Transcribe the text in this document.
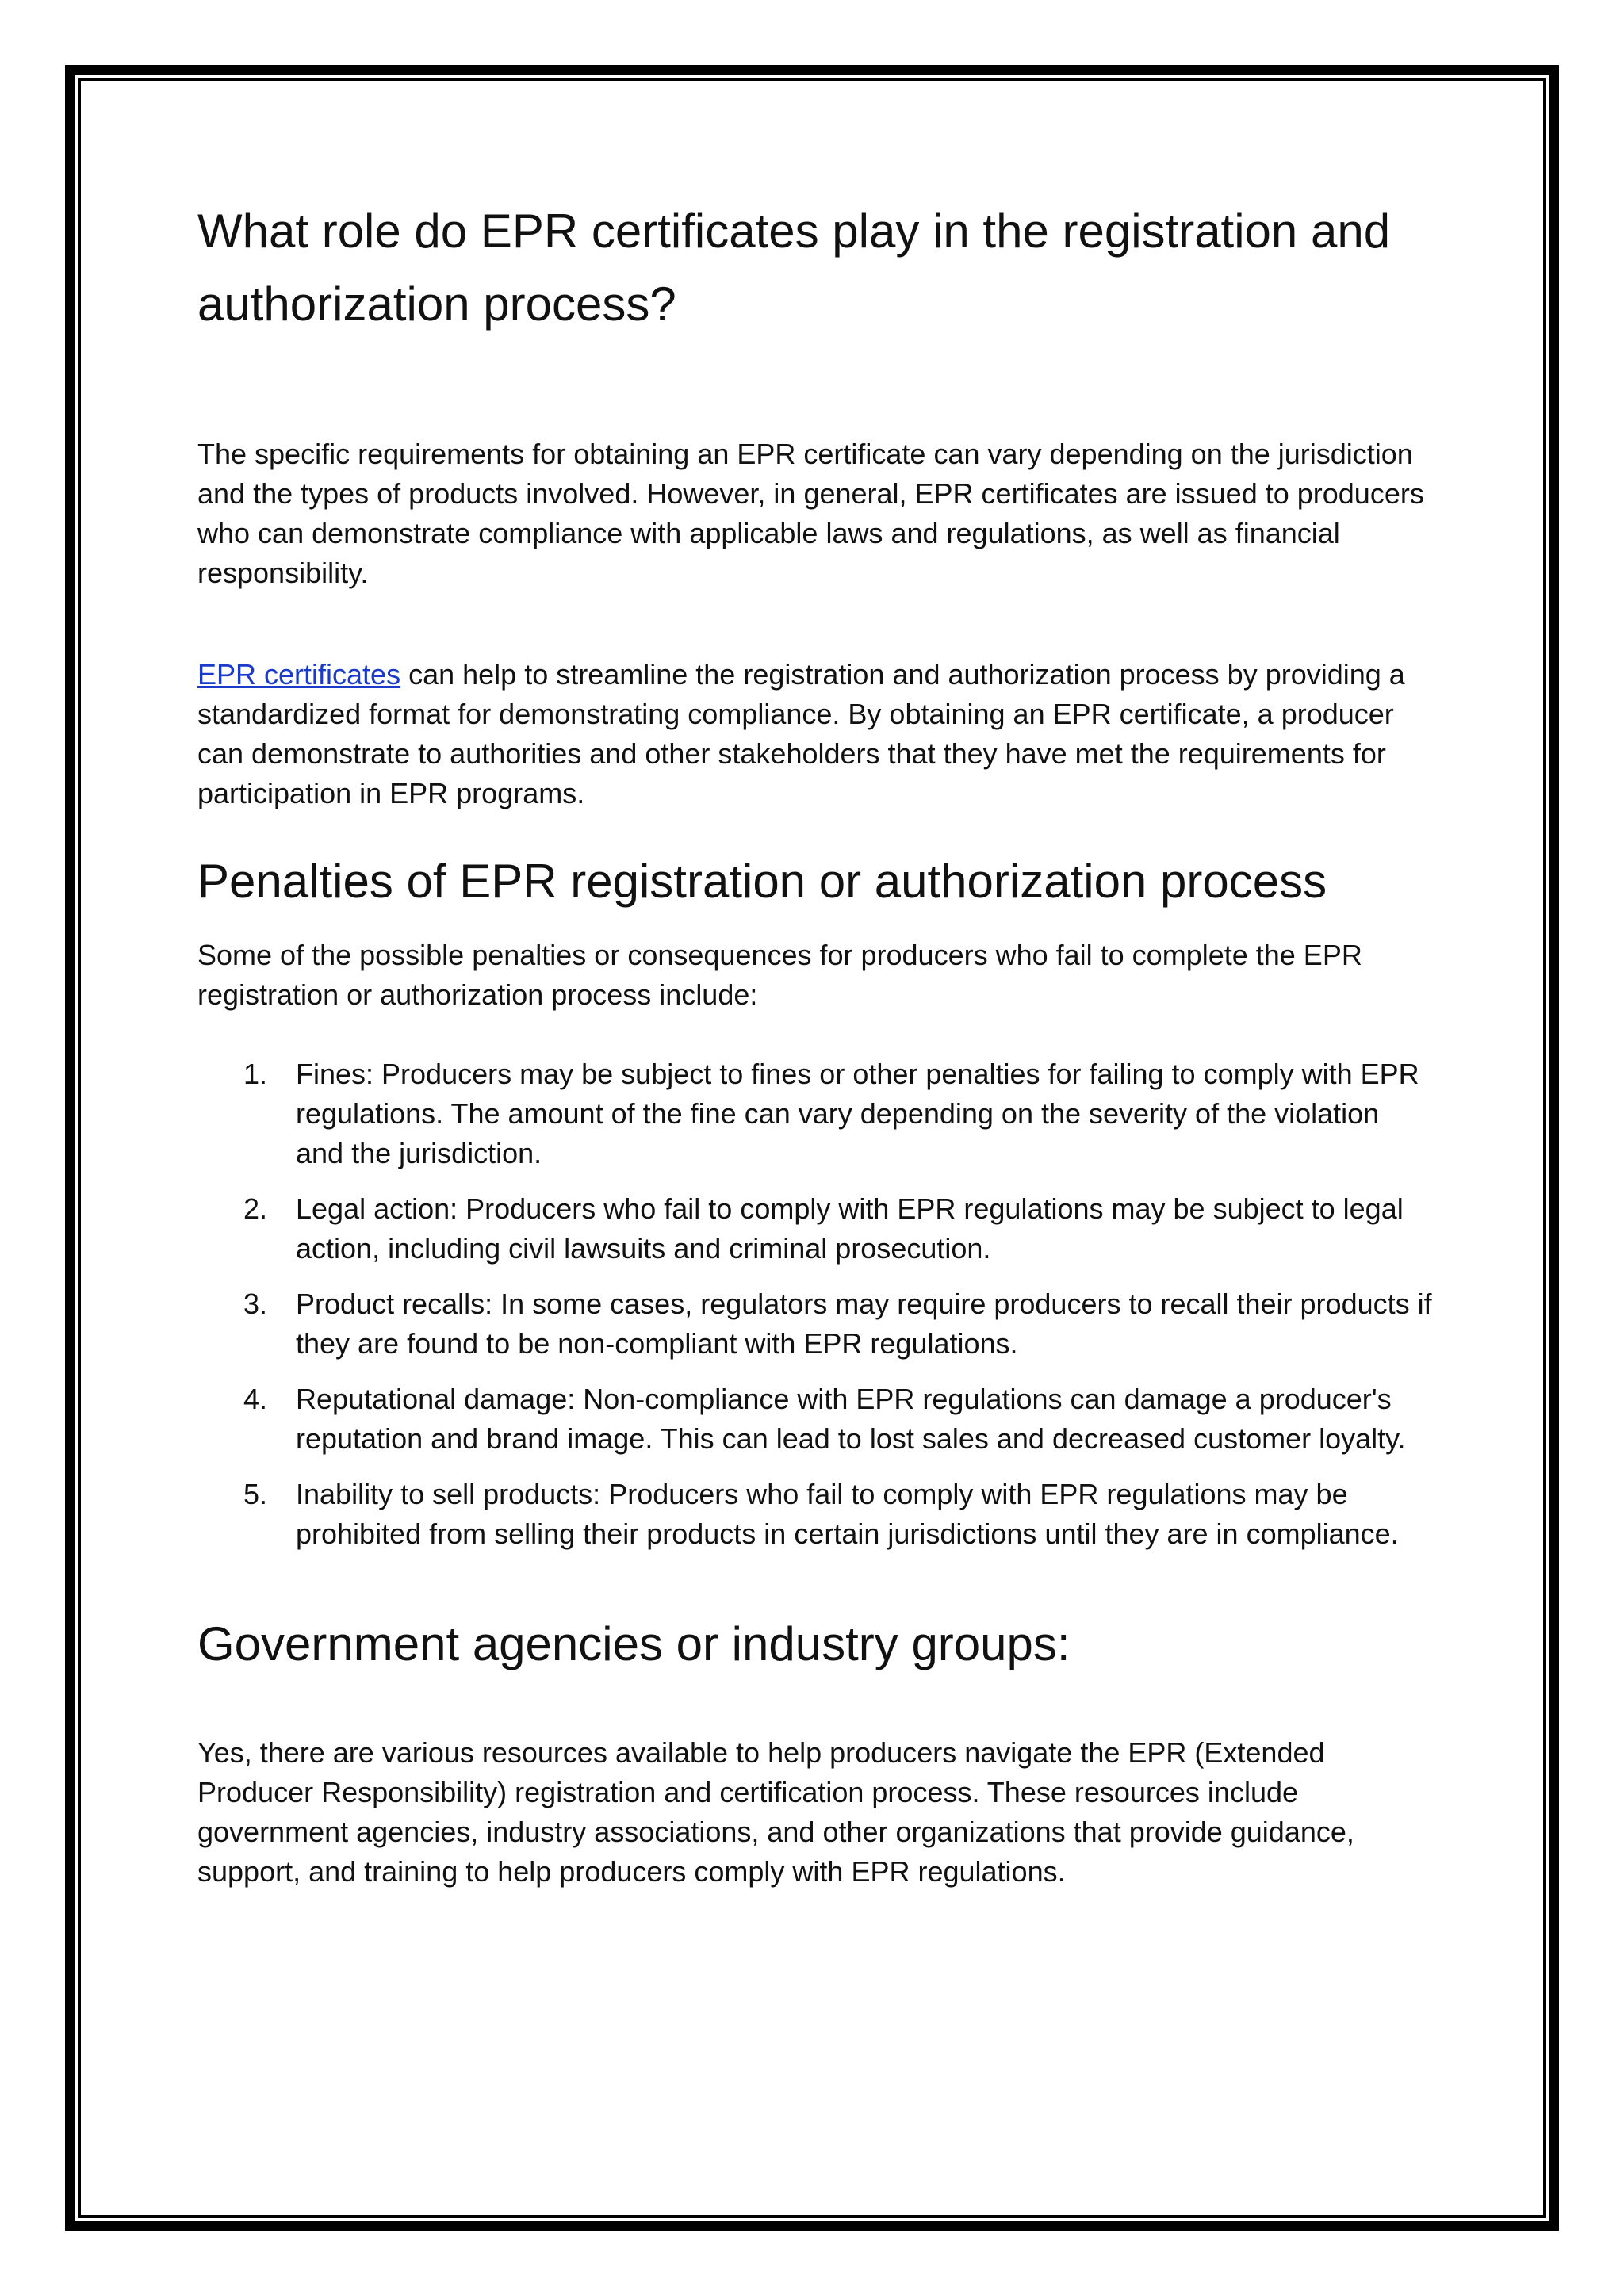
What role do EPR certificates play in the registration and authorization process?

The specific requirements for obtaining an EPR certificate can vary depending on the jurisdiction and the types of products involved. However, in general, EPR certificates are issued to producers who can demonstrate compliance with applicable laws and regulations, as well as financial responsibility.

EPR certificates can help to streamline the registration and authorization process by providing a standardized format for demonstrating compliance. By obtaining an EPR certificate, a producer can demonstrate to authorities and other stakeholders that they have met the requirements for participation in EPR programs.

Penalties of EPR registration or authorization process

Some of the possible penalties or consequences for producers who fail to complete the EPR registration or authorization process include:

1. Fines: Producers may be subject to fines or other penalties for failing to comply with EPR regulations. The amount of the fine can vary depending on the severity of the violation and the jurisdiction.
2. Legal action: Producers who fail to comply with EPR regulations may be subject to legal action, including civil lawsuits and criminal prosecution.
3. Product recalls: In some cases, regulators may require producers to recall their products if they are found to be non-compliant with EPR regulations.
4. Reputational damage: Non-compliance with EPR regulations can damage a producer's reputation and brand image. This can lead to lost sales and decreased customer loyalty.
5. Inability to sell products: Producers who fail to comply with EPR regulations may be prohibited from selling their products in certain jurisdictions until they are in compliance.
Government agencies or industry groups:

Yes, there are various resources available to help producers navigate the EPR (Extended Producer Responsibility) registration and certification process. These resources include government agencies, industry associations, and other organizations that provide guidance, support, and training to help producers comply with EPR regulations.
